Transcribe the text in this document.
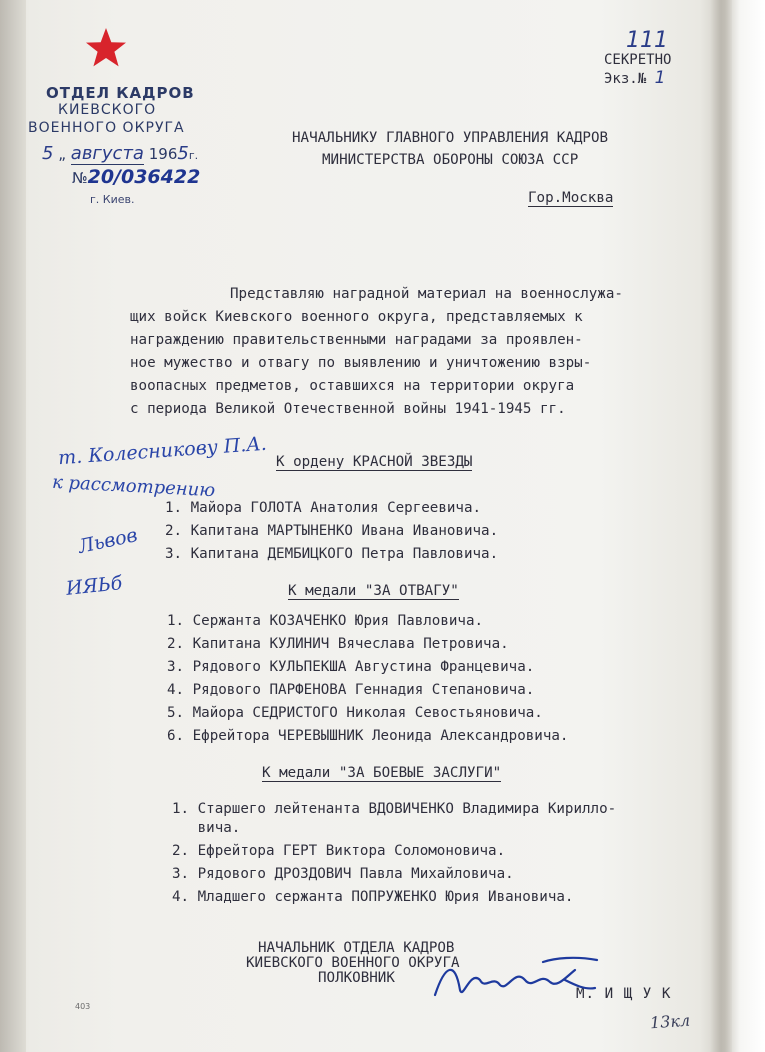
ОТДЕЛ КАДРОВ
КИЕВСКОГО
ВОЕННОГО ОКРУГА
5 „ августа 1965г.
№20/036422
г. Киев.
111
СЕКРЕТНО
Экз.№ 1
НАЧАЛЬНИКУ ГЛАВНОГО УПРАВЛЕНИЯ КАДРОВ
МИНИСТЕРСТВА ОБОРОНЫ СОЮЗА ССР
Гор.Москва
Представляю наградной материал на военнослужа-
щих войск Киевского военного округа, представляемых к
награждению правительственными наградами за проявлен-
ное мужество и отвагу по выявлению и уничтожению взры-
воопасных предметов, оставшихся на территории округа
с периода Великой Отечественной войны 1941-1945 гг.
К ордену КРАСНОЙ ЗВЕЗДЫ
1. Майора ГОЛОТА Анатолия Сергеевича.
2. Капитана МАРТЫНЕНКО Ивана Ивановича.
3. Капитана ДЕМБИЦКОГО Петра Павловича.
К медали "ЗА ОТВАГУ"
1. Сержанта КОЗАЧЕНКО Юрия Павловича.
2. Капитана КУЛИНИЧ Вячеслава Петровича.
3. Рядового КУЛЬПЕКША Августина Францевича.
4. Рядового ПАРФЕНОВА Геннадия Степановича.
5. Майора СЕДРИСТОГО Николая Севостьяновича.
6. Ефрейтора ЧЕРЕВЫШНИК Леонида Александровича.
К медали "ЗА БОЕВЫЕ ЗАСЛУГИ"
1. Старшего лейтенанта ВДОВИЧЕНКО Владимира Кирилло-
вича.
2. Ефрейтора ГЕРТ Виктора Соломоновича.
3. Рядового ДРОЗДОВИЧ Павла Михайловича.
4. Младшего сержанта ПОПРУЖЕНКО Юрия Ивановича.
НАЧАЛЬНИК ОТДЕЛА КАДРОВ
КИЕВСКОГО ВОЕННОГО ОКРУГА
ПОЛКОВНИК
М. И Щ У К
т. Колесникову П.А.
к рассмотрению
Львов
ИЯЬб
13кл
403
